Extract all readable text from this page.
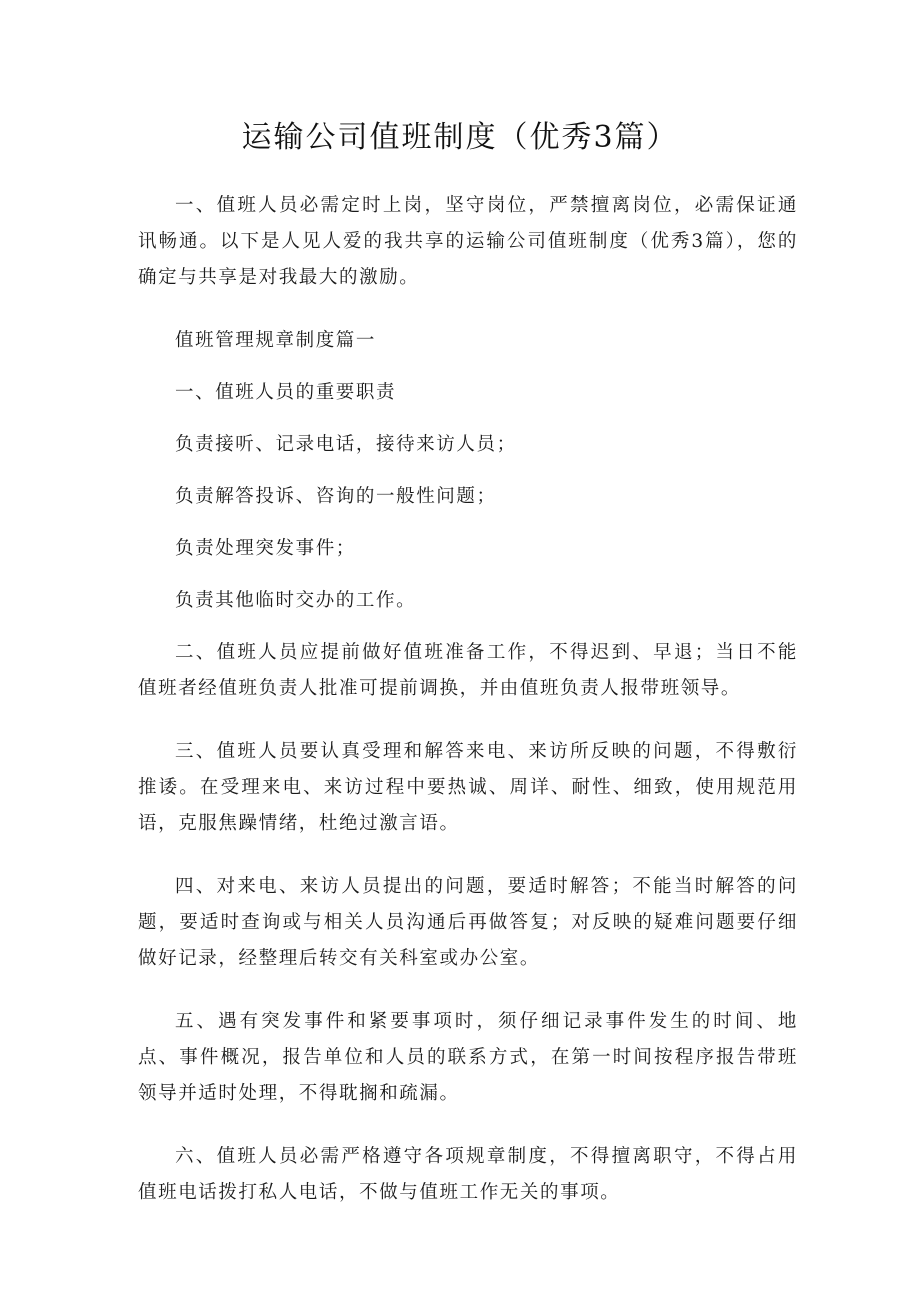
运输公司值班制度（优秀3篇）

一、值班人员必需定时上岗，坚守岗位，严禁擅离岗位，必需保证通讯畅通。以下是人见人爱的我共享的运输公司值班制度（优秀3篇），您的确定与共享是对我最大的激励。

值班管理规章制度篇一

一、值班人员的重要职责

负责接听、记录电话，接待来访人员；

负责解答投诉、咨询的一般性问题；

负责处理突发事件；

负责其他临时交办的工作。

二、值班人员应提前做好值班准备工作，不得迟到、早退；当日不能值班者经值班负责人批准可提前调换，并由值班负责人报带班领导。

三、值班人员要认真受理和解答来电、来访所反映的问题，不得敷衍推诿。在受理来电、来访过程中要热诚、周详、耐性、细致，使用规范用语，克服焦躁情绪，杜绝过激言语。

四、对来电、来访人员提出的问题，要适时解答；不能当时解答的问题，要适时查询或与相关人员沟通后再做答复；对反映的疑难问题要仔细做好记录，经整理后转交有关科室或办公室。

五、遇有突发事件和紧要事项时，须仔细记录事件发生的时间、地点、事件概况，报告单位和人员的联系方式，在第一时间按程序报告带班领导并适时处理，不得耽搁和疏漏。

六、值班人员必需严格遵守各项规章制度，不得擅离职守，不得占用值班电话拨打私人电话，不做与值班工作无关的事项。
